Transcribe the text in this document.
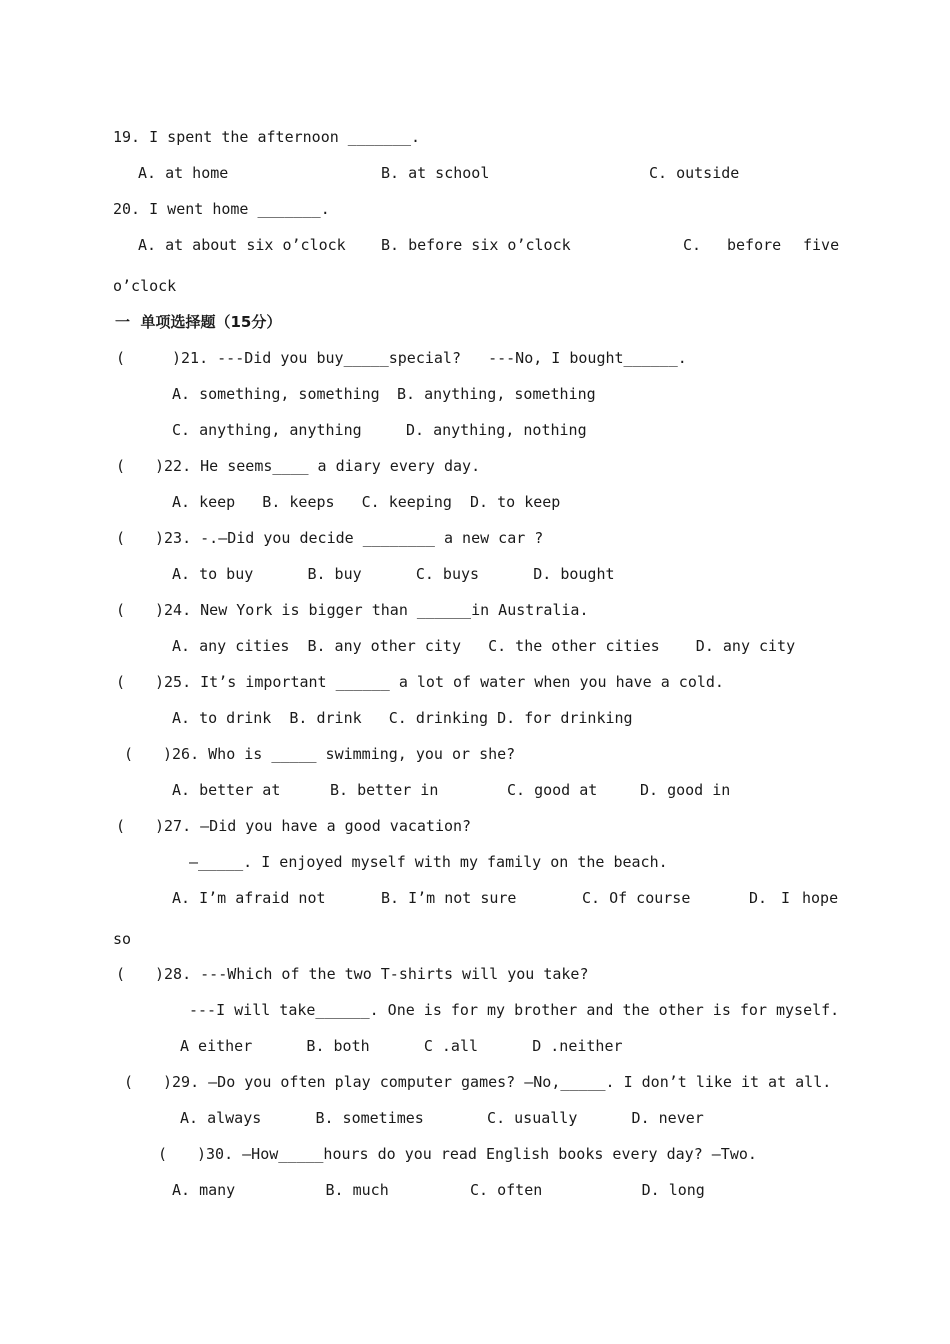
19. I spent the afternoon _______.
A. at home	B. at school	C. outside
20. I went home _______.
A. at about six o’clock B. before six o’clock	C. before five
o’clock
一  单项选择题（15分）
(	)21. ---Did you buy_____special?   ---No, I bought______.
A. something, something B. anything, something
C. anything, anything	D. anything, nothing
( )22. He seems____ a diary every day.
A. keep   B. keeps   C. keeping  D. to keep
( )23. -.—Did you decide ________ a new car ?
A. to buy      B. buy      C. buys      D. bought
( )24. New York is bigger than ______in Australia.
A. any cities  B. any other city   C. the other cities    D. any city
( )25. It’s important ______ a lot of water when you have a cold.
A. to drink  B. drink   C. drinking D. for drinking
( )26. Who is _____ swimming, you or she?
A. better at	B. better in	C. good at	D. good in
( )27. —Did you have a good vacation?
—_____. I enjoyed myself with my family on the beach.
A. I’m afraid not	B. I’m not sure	C. Of course	D. I hope
so
( )28. ---Which of the two T-shirts will you take?
---I will take______. One is for my brother and the other is for myself.
A either      B. both      C .all      D .neither
( )29. —Do you often play computer games? —No,_____. I don’t like it at all.
A. always      B. sometimes       C. usually      D. never
( )30. —How_____hours do you read English books every day? —Two.
A. many          B. much         C. often           D. long
